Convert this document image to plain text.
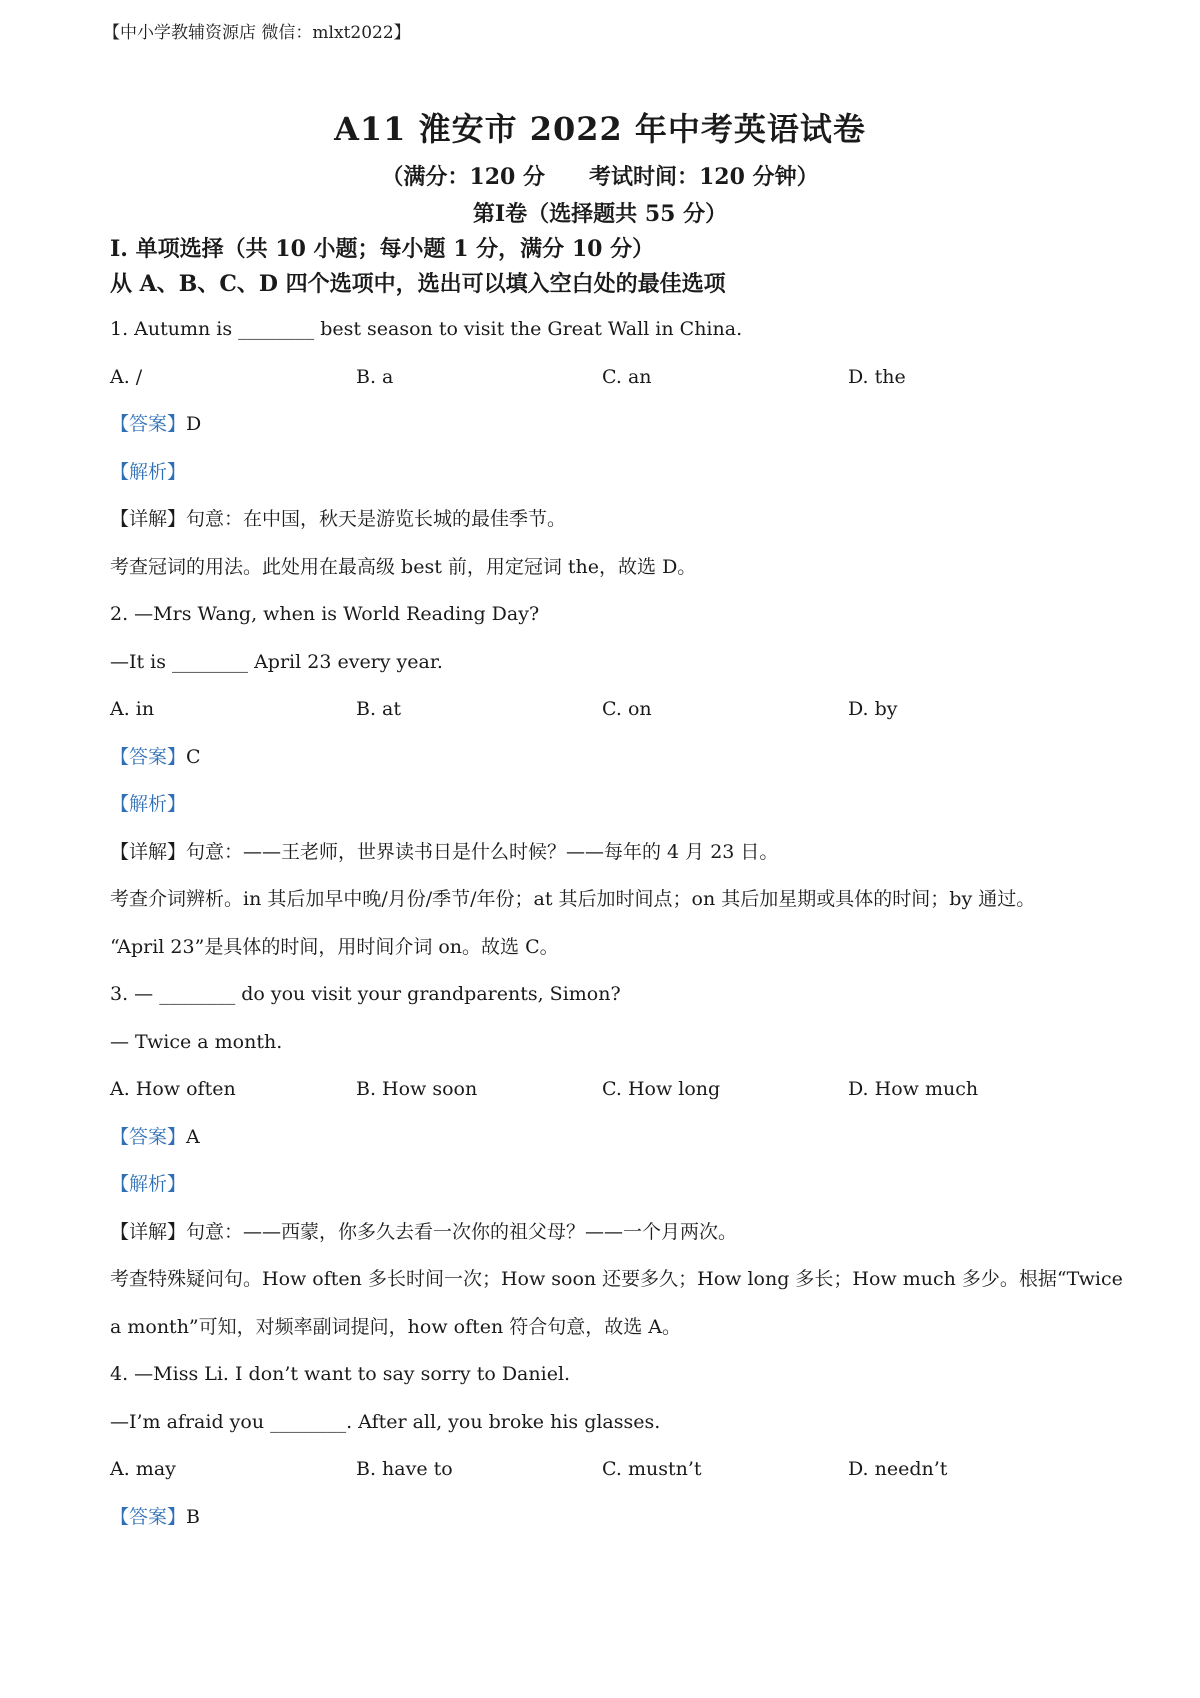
【中小学教辅资源店 微信：mlxt2022】
A11 淮安市 2022 年中考英语试卷
（满分：120 分 考试时间：120 分钟）
第Ⅰ卷（选择题共 55 分）
Ⅰ. 单项选择（共 10 小题；每小题 1 分，满分 10 分）
从 A、B、C、D 四个选项中，选出可以填入空白处的最佳选项
1. Autumn is ________ best season to visit the Great Wall in China.
A. /	B. a	C. an	D. the
【答案】D
【解析】
【详解】句意：在中国，秋天是游览长城的最佳季节。
考查冠词的用法。此处用在最高级 best 前，用定冠词 the，故选 D。
2. —Mrs Wang, when is World Reading Day?
—It is ________ April 23 every year.
A. in	B. at	C. on	D. by
【答案】C
【解析】
【详解】句意：——王老师，世界读书日是什么时候？——每年的 4 月 23 日。
考查介词辨析。in 其后加早中晚/月份/季节/年份；at 其后加时间点；on 其后加星期或具体的时间；by 通过。
“April 23”是具体的时间，用时间介词 on。故选 C。
3. — ________ do you visit your grandparents, Simon?
— Twice a month.
A. How often	B. How soon	C. How long	D. How much
【答案】A
【解析】
【详解】句意：——西蒙，你多久去看一次你的祖父母？——一个月两次。
考查特殊疑问句。How often 多长时间一次；How soon 还要多久；How long 多长；How much 多少。根据“Twice
a month”可知，对频率副词提问，how often 符合句意，故选 A。
4. —Miss Li. I don’t want to say sorry to Daniel.
—I’m afraid you ________. After all, you broke his glasses.
A. may	B. have to	C. mustn’t	D. needn’t
【答案】B
